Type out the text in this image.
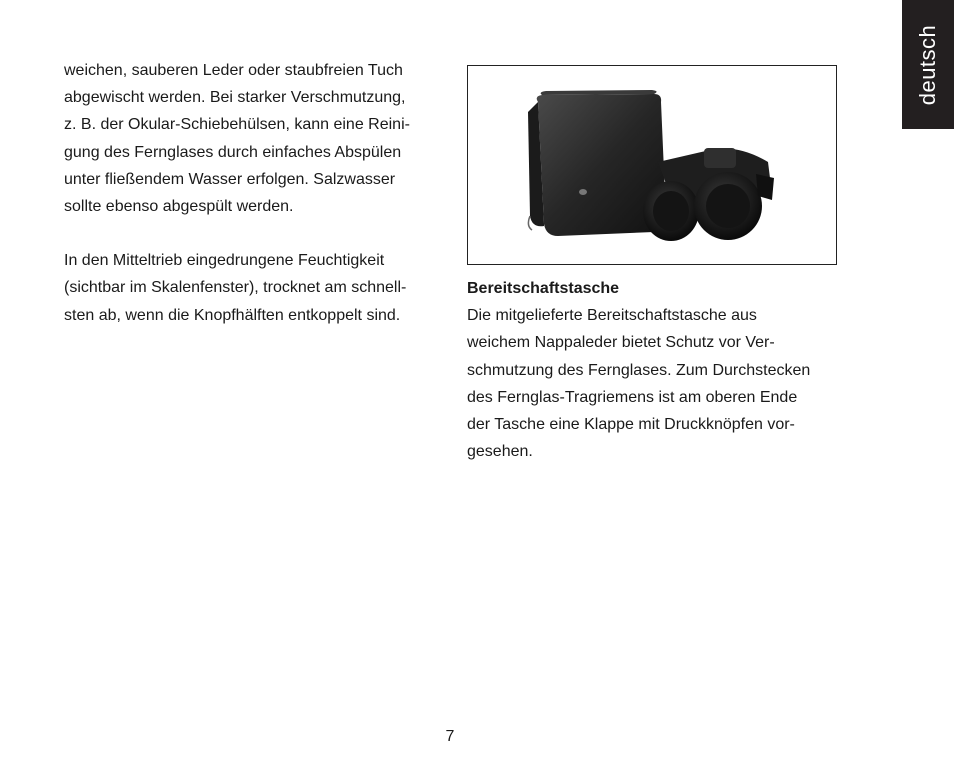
deutsch

weichen, sauberen Leder oder staubfreien Tuch
abgewischt werden. Bei starker Verschmutzung,
z. B. der Okular-Schiebehülsen, kann eine Reini-
gung des Fernglases durch einfaches Abspülen
unter fließendem Wasser erfolgen. Salzwasser
sollte ebenso abgespült werden.

In den Mitteltrieb eingedrungene Feuchtigkeit
(sichtbar im Skalenfenster), trocknet am schnell-
sten ab, wenn die Knopfhälften entkoppelt sind.

Bereitschaftstasche
Die mitgelieferte Bereitschaftstasche aus
weichem Nappaleder bietet Schutz vor Ver-
schmutzung des Fernglases. Zum Durchstecken
des Fernglas-Tragriemens ist am oberen Ende
der Tasche eine Klappe mit Druckknöpfen vor-
gesehen.

7
